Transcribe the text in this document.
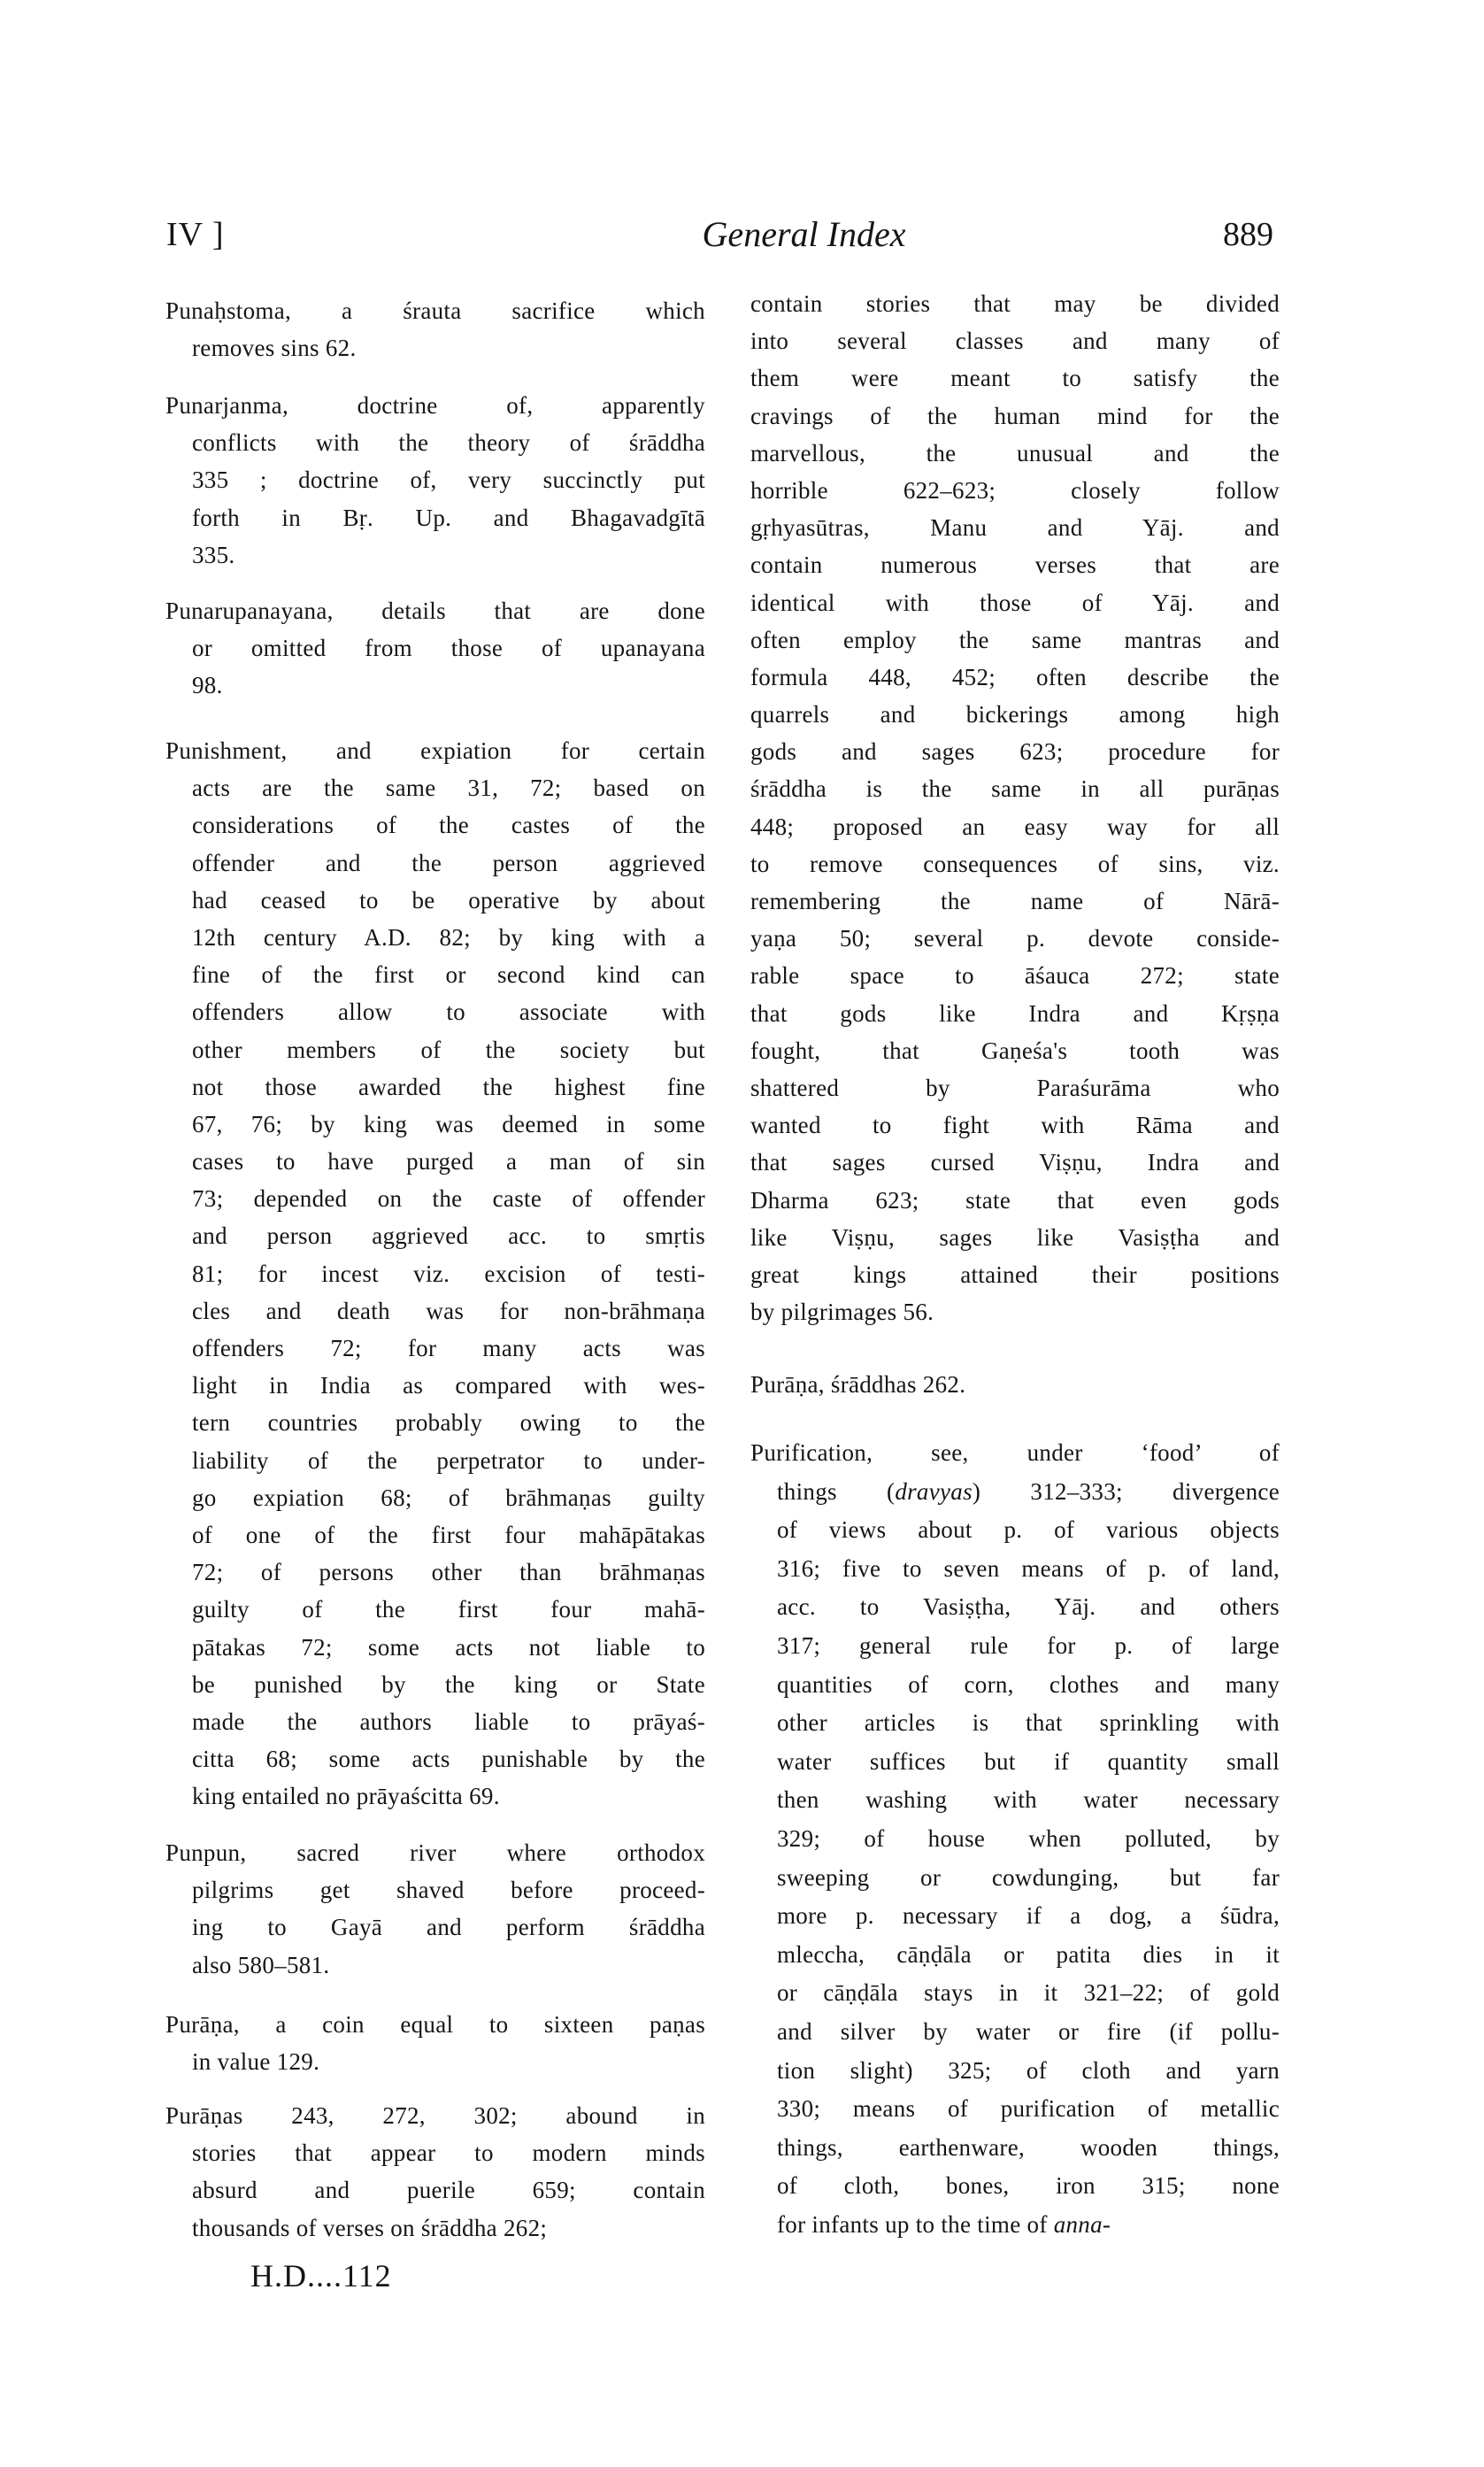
IV ]	General Index	889
Punaḥstoma, a śrauta sacrifice which
removes sins 62.
Punarjanma, doctrine of, apparently
conflicts with the theory of śrāddha
335 ; doctrine of, very succinctly put
forth in Bṛ. Up. and Bhagavadgītā
335.
Punarupanayana, details that are done
or omitted from those of upanayana
98.
Punishment, and expiation for certain
acts are the same 31, 72; based on
considerations of the castes of the
offender and the person aggrieved
had ceased to be operative by about
12th century A.D. 82; by king with a
fine of the first or second kind can
offenders allow to associate with
other members of the society but
not those awarded the highest fine
67, 76; by king was deemed in some
cases to have purged a man of sin
73; depended on the caste of offender
and person aggrieved acc. to smṛtis
81; for incest viz. excision of testi-
cles and death was for non-brāhmaṇa
offenders 72; for many acts was
light in India as compared with wes-
tern countries probably owing to the
liability of the perpetrator to under-
go expiation 68; of brāhmaṇas guilty
of one of the first four mahāpātakas
72; of persons other than brāhmaṇas
guilty of the first four mahā-
pātakas 72; some acts not liable to
be punished by the king or State
made the authors liable to prāyaś-
citta 68; some acts punishable by the
king entailed no prāyaścitta 69.
Punpun, sacred river where orthodox
pilgrims get shaved before proceed-
ing to Gayā and perform śrāddha
also 580–581.
Purāṇa, a coin equal to sixteen paṇas
in value 129.
Purāṇas 243, 272, 302; abound in
stories that appear to modern minds
absurd and puerile 659; contain
thousands of verses on śrāddha 262;
contain stories that may be divided
into several classes and many of
them were meant to satisfy the
cravings of the human mind for the
marvellous, the unusual and the
horrible 622–623; closely follow
gṛhyasūtras, Manu and Yāj. and
contain numerous verses that are
identical with those of Yāj. and
often employ the same mantras and
formula 448, 452; often describe the
quarrels and bickerings among high
gods and sages 623; procedure for
śrāddha is the same in all purāṇas
448; proposed an easy way for all
to remove consequences of sins, viz.
remembering the name of Nārā-
yaṇa 50; several p. devote conside-
rable space to āśauca 272; state
that gods like Indra and Kṛṣṇa
fought, that Gaṇeśa's tooth was
shattered by Paraśurāma who
wanted to fight with Rāma and
that sages cursed Viṣṇu, Indra and
Dharma 623; state that even gods
like Viṣṇu, sages like Vasiṣṭha and
great kings attained their positions
by pilgrimages 56.
Purāṇa, śrāddhas 262.
Purification, see, under ‘food’ of
things (dravyas) 312–333; divergence
of views about p. of various objects
316; five to seven means of p. of land,
acc. to Vasiṣṭha, Yāj. and others
317; general rule for p. of large
quantities of corn, clothes and many
other articles is that sprinkling with
water suffices but if quantity small
then washing with water necessary
329; of house when polluted, by
sweeping or cowdunging, but far
more p. necessary if a dog, a śūdra,
mleccha, cāṇḍāla or patita dies in it
or cāṇḍāla stays in it 321–22; of gold
and silver by water or fire (if pollu-
tion slight) 325; of cloth and yarn
330; means of purification of metallic
things, earthenware, wooden things,
of cloth, bones, iron 315; none
for infants up to the time of anna-
H.D....112
